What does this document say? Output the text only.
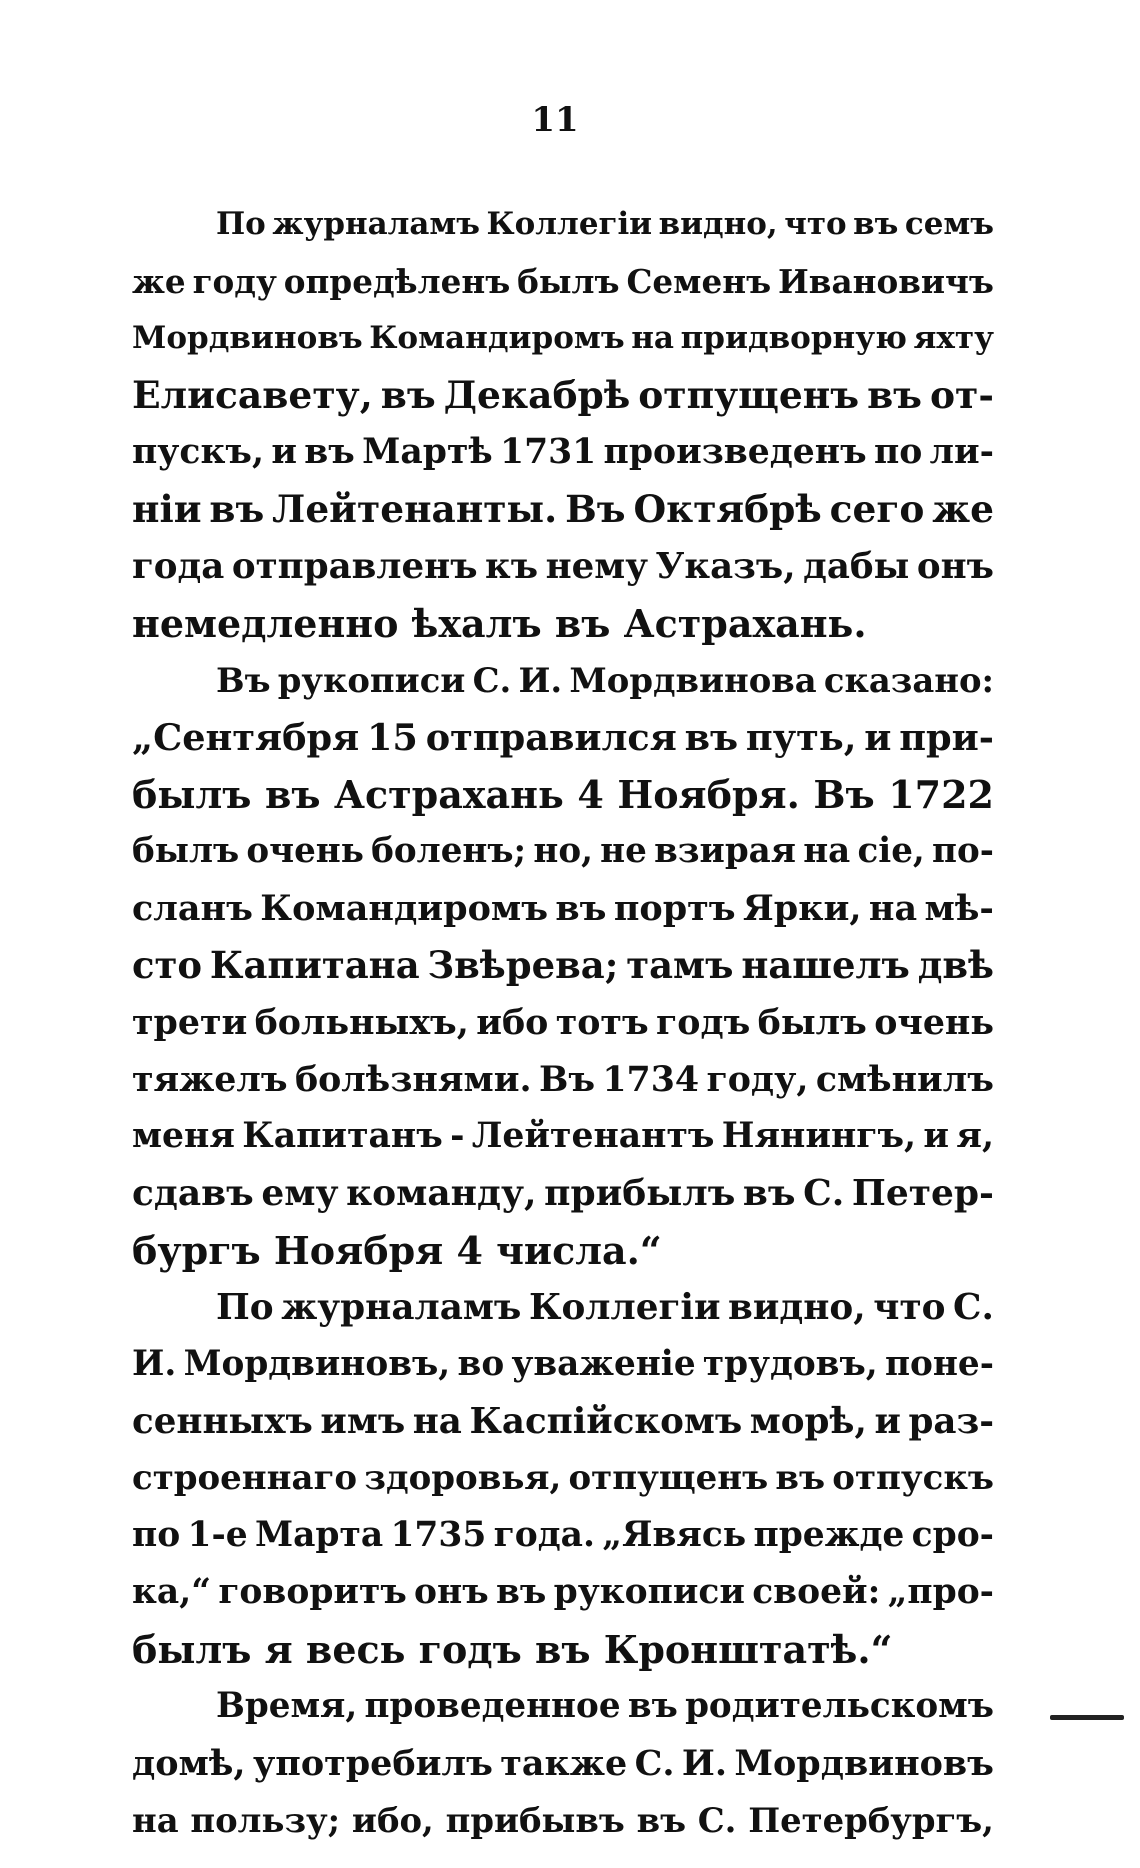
11
По журналамъ Коллегіи видно, что въ семъ
же году опредѣленъ былъ Семенъ Ивановичъ
Мордвиновъ Командиромъ на придворную яхту
Елисавету, въ Декабрѣ отпущенъ въ от-
пускъ, и въ Мартѣ 1731 произведенъ по ли-
ніи въ Лейтенанты. Въ Октябрѣ сего же
года отправленъ къ нему Указъ, дабы онъ
немедленно ѣхалъ въ Астрахань.
Въ рукописи С. И. Мордвинова сказано:
„Сентября 15 отправился въ путь, и при-
былъ въ Астрахань 4 Ноября. Въ 1722
былъ очень боленъ; но, не взирая на сіе, по-
сланъ Командиромъ въ портъ Ярки, на мѣ-
сто Капитана Звѣрева; тамъ нашелъ двѣ
трети больныхъ, ибо тотъ годъ былъ очень
тяжелъ болѣзнями. Въ 1734 году, смѣнилъ
меня Капитанъ - Лейтенантъ Нянингъ, и я,
сдавъ ему команду, прибылъ въ С. Петер-
бургъ Ноября 4 числа.“
По журналамъ Коллегіи видно, что С.
И. Мордвиновъ, во уваженіе трудовъ, поне-
сенныхъ имъ на Каспійскомъ морѣ, и раз-
строеннаго здоровья, отпущенъ въ отпускъ
по 1-е Марта 1735 года. „Явясь прежде сро-
ка,“ говоритъ онъ въ рукописи своей: „про-
былъ я весь годъ въ Кронштатѣ.“
Время, проведенное въ родительскомъ
домѣ, употребилъ также С. И. Мордвиновъ
на пользу; ибо, прибывъ въ С. Петербургъ,
